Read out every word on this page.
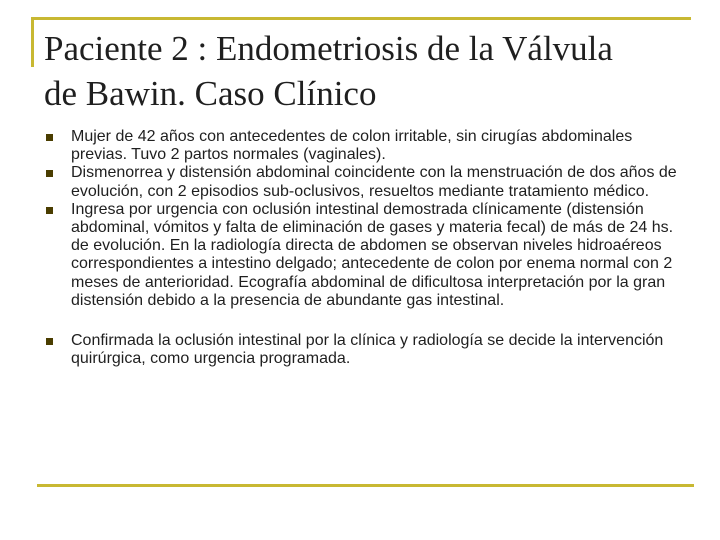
Paciente 2 : Endometriosis de la Válvula
de Bawin. Caso Clínico
Mujer de 42 años con antecedentes de colon irritable, sin cirugías abdominales previas. Tuvo 2 partos normales (vaginales).
Dismenorrea y distensión abdominal coincidente con la menstruación de dos años de evolución, con 2 episodios sub-oclusivos, resueltos mediante tratamiento médico.
Ingresa por urgencia con oclusión intestinal demostrada clínicamente (distensión abdominal, vómitos y falta de eliminación de gases y materia fecal) de más de 24 hs. de evolución. En la radiología directa de abdomen se observan niveles hidroaéreos correspondientes a intestino delgado; antecedente de colon por enema normal con 2 meses de anterioridad. Ecografía abdominal de dificultosa interpretación por la gran distensión debido a la presencia de abundante gas intestinal.
Confirmada la oclusión intestinal por la clínica y radiología se decide la intervención quirúrgica, como urgencia programada.
